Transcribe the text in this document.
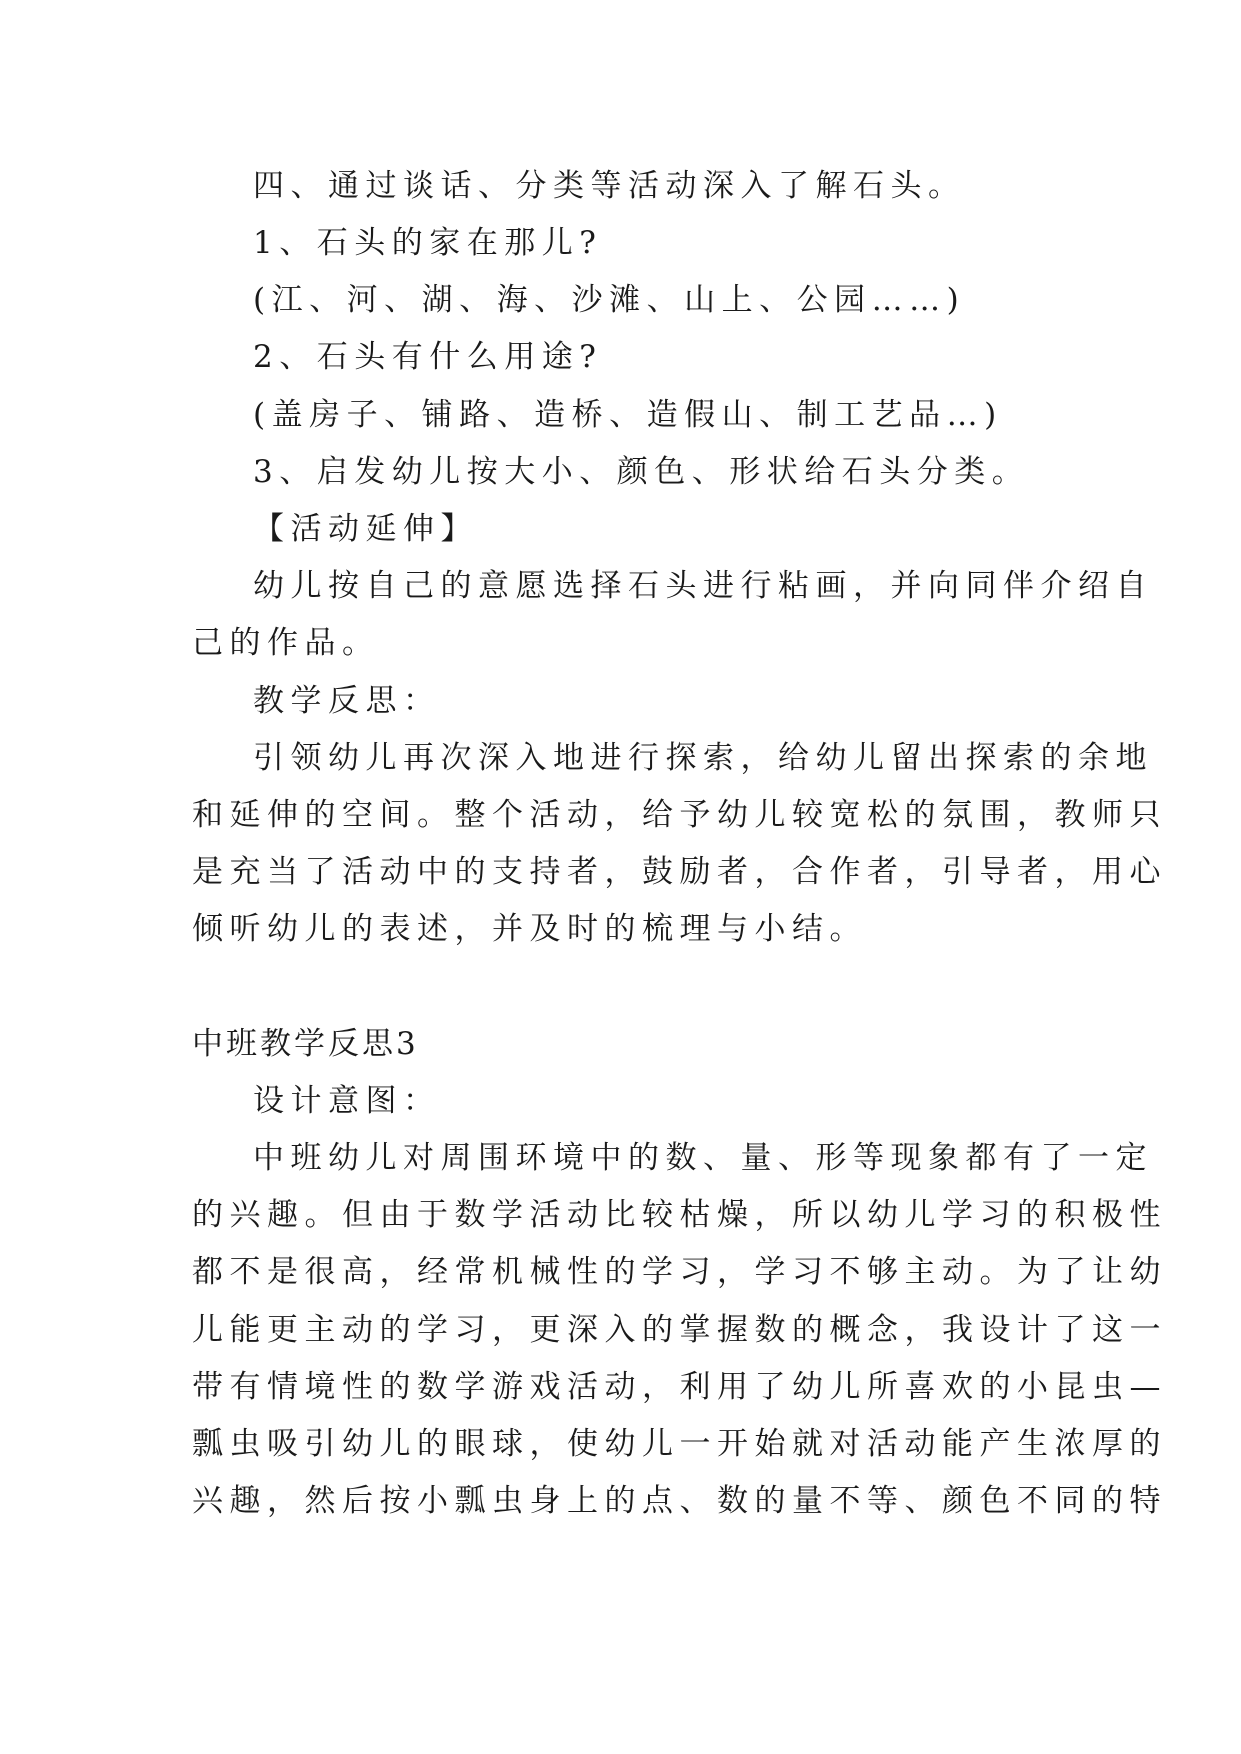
四、通过谈话、分类等活动深入了解石头。
1、石头的家在那儿?
(江、河、湖、海、沙滩、山上、公园……)
2、石头有什么用途?
(盖房子、铺路、造桥、造假山、制工艺品…)
3、启发幼儿按大小、颜色、形状给石头分类。
【活动延伸】
幼儿按自己的意愿选择石头进行粘画，并向同伴介绍自
己的作品。
教学反思：
引领幼儿再次深入地进行探索，给幼儿留出探索的余地
和延伸的空间。整个活动，给予幼儿较宽松的氛围，教师只
是充当了活动中的支持者，鼓励者，合作者，引导者，用心
倾听幼儿的表述，并及时的梳理与小结。
中班教学反思3
设计意图：
中班幼儿对周围环境中的数、量、形等现象都有了一定
的兴趣。但由于数学活动比较枯燥，所以幼儿学习的积极性
都不是很高，经常机械性的学习，学习不够主动。为了让幼
儿能更主动的学习，更深入的掌握数的概念，我设计了这一
带有情境性的数学游戏活动，利用了幼儿所喜欢的小昆虫—
瓢虫吸引幼儿的眼球，使幼儿一开始就对活动能产生浓厚的
兴趣，然后按小瓢虫身上的点、数的量不等、颜色不同的特
